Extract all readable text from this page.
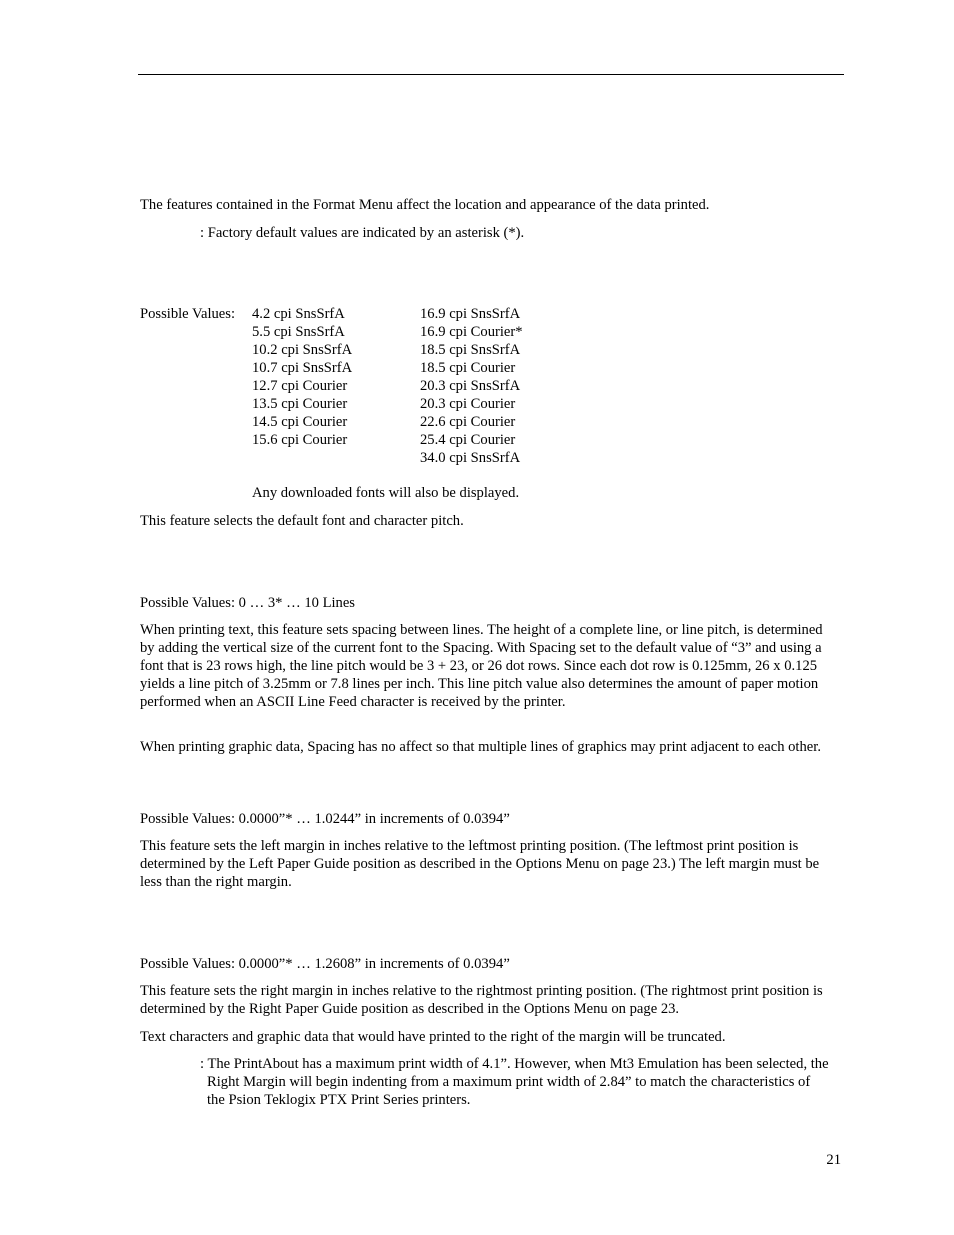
The features contained in the Format Menu affect the location and appearance of the data printed.
: Factory default values are indicated by an asterisk (*).
Possible Values: 4.2 cpi SnsSrfA
5.5 cpi SnsSrfA
10.2 cpi SnsSrfA
10.7 cpi SnsSrfA
12.7 cpi Courier
13.5 cpi Courier
14.5 cpi Courier
15.6 cpi Courier
16.9 cpi SnsSrfA
16.9 cpi Courier*
18.5 cpi SnsSrfA
18.5 cpi Courier
20.3 cpi SnsSrfA
20.3 cpi Courier
22.6 cpi Courier
25.4 cpi Courier
34.0 cpi SnsSrfA
Any downloaded fonts will also be displayed.
This feature selects the default font and character pitch.
Possible Values: 0 … 3* … 10 Lines
When printing text, this feature sets spacing between lines. The height of a complete line, or line pitch, is determined by adding the vertical size of the current font to the Spacing. With Spacing set to the default value of “3” and using a font that is 23 rows high, the line pitch would be 3 + 23, or 26 dot rows. Since each dot row is 0.125mm, 26 x 0.125 yields a line pitch of 3.25mm or 7.8 lines per inch. This line pitch value also determines the amount of paper motion performed when an ASCII Line Feed character is received by the printer.
When printing graphic data, Spacing has no affect so that multiple lines of graphics may print adjacent to each other.
Possible Values: 0.0000”* … 1.0244” in increments of 0.0394”
This feature sets the left margin in inches relative to the leftmost printing position. (The leftmost print position is determined by the Left Paper Guide position as described in the Options Menu on page 23.) The left margin must be less than the right margin.
Possible Values: 0.0000”* … 1.2608” in increments of 0.0394”
This feature sets the right margin in inches relative to the rightmost printing position. (The rightmost print position is determined by the Right Paper Guide position as described in the Options Menu on page 23.
Text characters and graphic data that would have printed to the right of the margin will be truncated.
: The PrintAbout has a maximum print width of 4.1”. However, when Mt3 Emulation has been selected, the Right Margin will begin indenting from a maximum print width of 2.84” to match the characteristics of the Psion Teklogix PTX Print Series printers.
21
